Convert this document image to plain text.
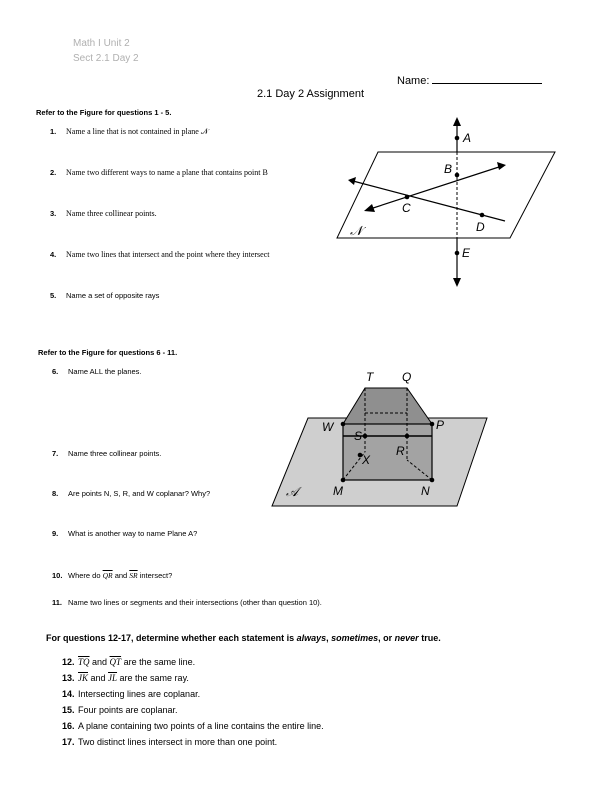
Math I Unit 2
Sect 2.1 Day 2
Name:
2.1 Day 2 Assignment
Refer to the Figure for questions 1 - 5.
1. Name a line that is not contained in plane 𝒩
2. Name two different ways to name a plane that contains point B
3. Name three collinear points.
4. Name two lines that intersect and the point where they intersect
5. Name a set of opposite rays
A
B
C
D
E
𝒩
Refer to the Figure for questions 6 - 11.
6. Name ALL the planes.
7. Name three collinear points.
8. Are points N, S, R, and W coplanar? Why?
9. What is another way to name Plane A?
10. Where do $\overline{QR}$ and $\overline{SR}$ intersect?
11. Name two lines or segments and their intersections (other than question 10).
T Q
W	P
S
R
X
M	N
𝒜
For questions 12-17, determine whether each statement is always, sometimes, or never true.
12. $\overline{TQ}$ and $\overline{QT}$ are the same line.
13. $\overline{JK}$ and $\overline{JL}$ are the same ray.
14. Intersecting lines are coplanar.
15. Four points are coplanar.
16. A plane containing two points of a line contains the entire line.
17. Two distinct lines intersect in more than one point.
